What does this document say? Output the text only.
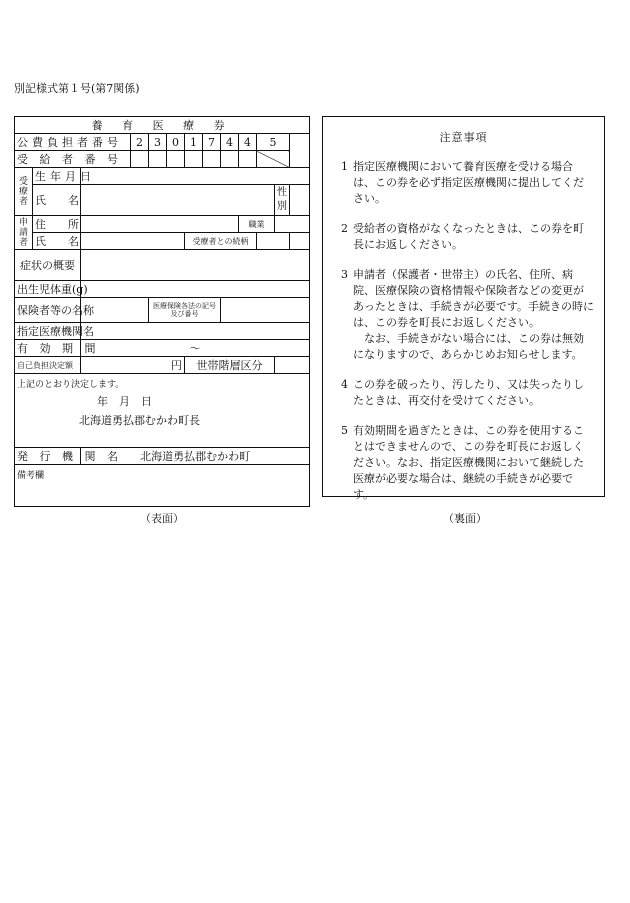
別記様式第１号(第7関係)
養 育 医 療 券												
公費負担者番号			2	3	0	1	7	4	4	5		
受 給 者 番 号												
受療者	生年月日											
	氏　　名										性別	

申請者	住　　所								職業			
	氏　　名					受療者との続柄						
症状の概要												
出生児体重(g)												
保険者等の名称				医療保険各法の記号及び番号								
指定医療機関名												
有 効 期 間		～										
自己負担決定額		円				世帯階層区分						

上記のとおり決定します。
年　月　日
北海道勇払郡むかわ町長												

発 行 機 関 名		北海道勇払郡むかわ町										
備考欄												
注意事項
1 指定医療機関において養育医療を受ける場合は、この券を必ず指定医療機関に提出してください。

2 受給者の資格がなくなったときは、この券を町長にお返しください。

3 申請者（保護者・世帯主）の氏名、住所、病院、医療保険の資格情報や保険者などの変更があったときは、手続きが必要です。手続きの時には、この券を町長にお返しください。

なお、手続きがない場合には、この券は無効になりますので、あらかじめお知らせします。

4 この券を破ったり、汚したり、又は失ったりしたときは、再交付を受けてください。

5 有効期間を過ぎたときは、この券を使用することはできませんので、この券を町長にお返しください。なお、指定医療機関において継続した医療が必要な場合は、継続の手続きが必要です。

（表面）	（裏面）
